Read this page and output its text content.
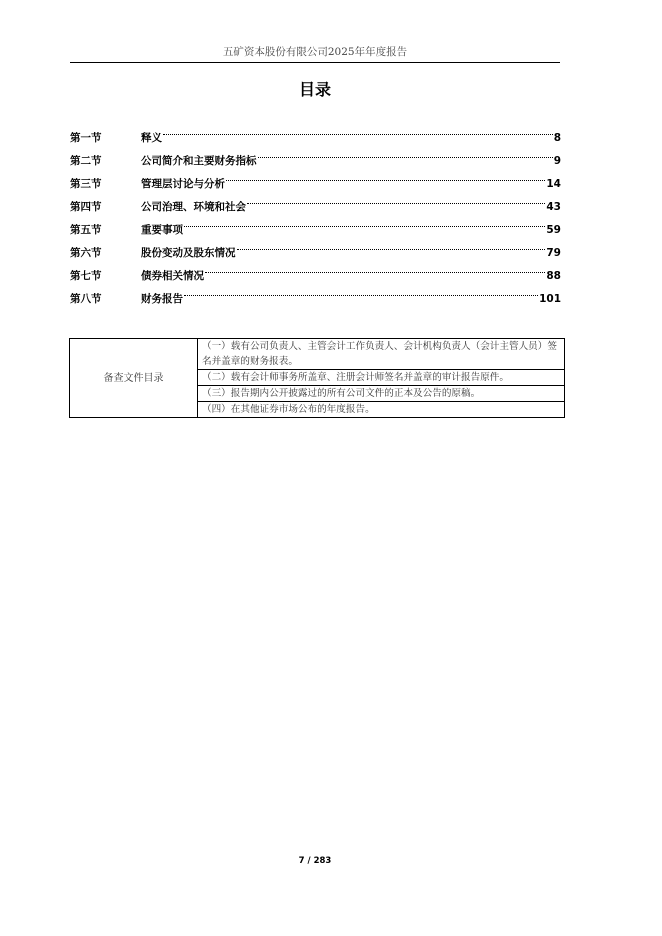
五矿资本股份有限公司2025年年度报告
目录
第一节	释义	8
第二节	公司简介和主要财务指标	9
第三节	管理层讨论与分析	14
第四节	公司治理、环境和社会	43
第五节	重要事项	59
第六节	股份变动及股东情况	79
第七节	债券相关情况	88
第八节	财务报告	101
备查文件目录	（一）载有公司负责人、主管会计工作负责人、会计机构负责人（会计主管人员）签名并盖章的财务报表。
（二）载有会计师事务所盖章、注册会计师签名并盖章的审计报告原件。
（三）报告期内公开披露过的所有公司文件的正本及公告的原稿。
（四）在其他证券市场公布的年度报告。
7 / 283
